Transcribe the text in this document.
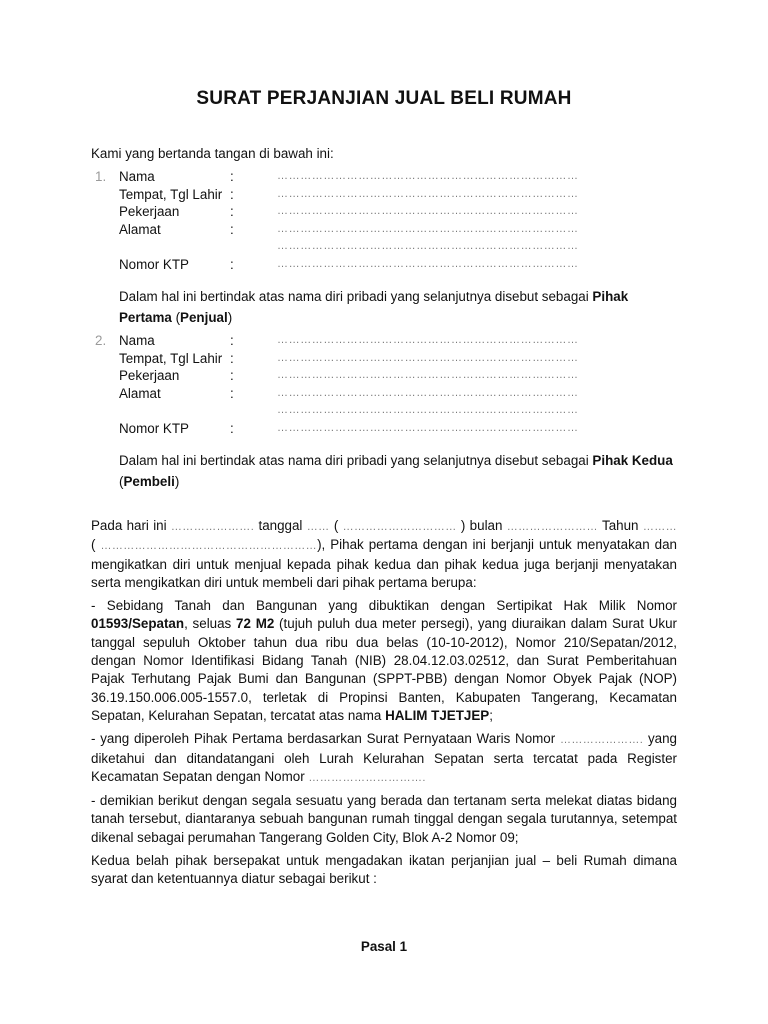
SURAT PERJANJIAN JUAL BELI RUMAH
Kami yang bertanda tangan di bawah ini:
1. Nama	:	……………………………………………………………………
Tempat, Tgl Lahir :	……………………………………………………………………
Pekerjaan	:	……………………………………………………………………
Alamat	:	……………………………………………………………………
……………………………………………………………………
Nomor KTP	:	……………………………………………………………………
Dalam hal ini bertindak atas nama diri pribadi yang selanjutnya disebut sebagai Pihak Pertama (Penjual)
2. Nama	:	……………………………………………………………………
Tempat, Tgl Lahir :	……………………………………………………………………
Pekerjaan	:	……………………………………………………………………
Alamat	:	……………………………………………………………………
……………………………………………………………………
Nomor KTP	:	……………………………………………………………………
Dalam hal ini bertindak atas nama diri pribadi yang selanjutnya disebut sebagai Pihak Kedua (Pembeli)

Pada hari ini …………………. tanggal …… ( ………………………… ) bulan …………………… Tahun ……… ( …………………………………………………), Pihak pertama dengan ini berjanji untuk menyatakan dan mengikatkan diri untuk menjual kepada pihak kedua dan pihak kedua juga berjanji menyatakan serta mengikatkan diri untuk membeli dari pihak pertama berupa:

- Sebidang Tanah dan Bangunan yang dibuktikan dengan Sertipikat Hak Milik Nomor 01593/Sepatan, seluas 72 M2 (tujuh puluh dua meter persegi), yang diuraikan dalam Surat Ukur tanggal sepuluh Oktober tahun dua ribu dua belas (10-10-2012), Nomor 210/Sepatan/2012, dengan Nomor Identifikasi Bidang Tanah (NIB) 28.04.12.03.02512, dan Surat Pemberitahuan Pajak Terhutang Pajak Bumi dan Bangunan (SPPT-PBB) dengan Nomor Obyek Pajak (NOP) 36.19.150.006.005-1557.0, terletak di Propinsi Banten, Kabupaten Tangerang, Kecamatan Sepatan, Kelurahan Sepatan, tercatat atas nama HALIM TJETJEP;

- yang diperoleh Pihak Pertama berdasarkan Surat Pernyataan Waris Nomor …………………. yang diketahui dan ditandatangani oleh Lurah Kelurahan Sepatan serta tercatat pada Register Kecamatan Sepatan dengan Nomor ………………………….

- demikian berikut dengan segala sesuatu yang berada dan tertanam serta melekat diatas bidang tanah tersebut, diantaranya sebuah bangunan rumah tinggal dengan segala turutannya, setempat dikenal sebagai perumahan Tangerang Golden City, Blok A-2 Nomor 09;

Kedua belah pihak bersepakat untuk mengadakan ikatan perjanjian jual – beli Rumah dimana syarat dan ketentuannya diatur sebagai berikut :

Pasal 1
